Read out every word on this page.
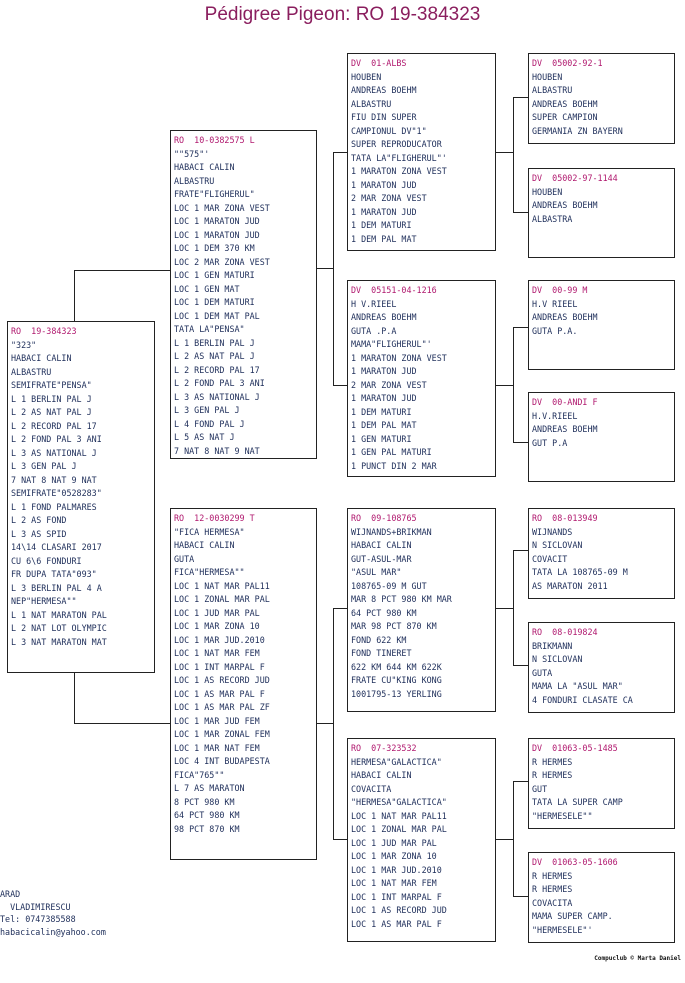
Pédigree Pigeon: RO 19-384323
RO  19-384323
"323"
HABACI CALIN
ALBASTRU
SEMIFRATE"PENSA"
L 1 BERLIN PAL J
L 2 AS NAT PAL J
L 2 RECORD PAL 17
L 2 FOND PAL 3 ANI
L 3 AS NATIONAL J
L 3 GEN PAL J
7 NAT 8 NAT 9 NAT
SEMIFRATE"0528283"
L 1 FOND PALMARES
L 2 AS FOND
L 3 AS SPID
14\14 CLASARI 2017
CU 6\6 FONDURI
FR DUPA TATA"093"
L 3 BERLIN PAL 4 A
NEP"HERMESA""
L 1 NAT MARATON PAL
L 2 NAT LOT OLYMPIC
L 3 NAT MARATON MAT
RO  10-0382575 L
""575"'
HABACI CALIN
ALBASTRU
FRATE"FLIGHERUL"
LOC 1 MAR ZONA VEST
LOC 1 MARATON JUD
LOC 1 MARATON JUD
LOC 1 DEM 370 KM
LOC 2 MAR ZONA VEST
LOC 1 GEN MATURI
LOC 1 GEN MAT
LOC 1 DEM MATURI
LOC 1 DEM MAT PAL
TATA LA"PENSA"
L 1 BERLIN PAL J
L 2 AS NAT PAL J
L 2 RECORD PAL 17
L 2 FOND PAL 3 ANI
L 3 AS NATIONAL J
L 3 GEN PAL J
L 4 FOND PAL J
L 5 AS NAT J
7 NAT 8 NAT 9 NAT
RO  12-0030299 T
"FICA HERMESA"
HABACI CALIN
GUTA
FICA"HERMESA""
LOC 1 NAT MAR PAL11
LOC 1 ZONAL MAR PAL
LOC 1 JUD MAR PAL
LOC 1 MAR ZONA 10
LOC 1 MAR JUD.2010
LOC 1 NAT MAR FEM
LOC 1 INT MARPAL F
LOC 1 AS RECORD JUD
LOC 1 AS MAR PAL F
LOC 1 AS MAR PAL ZF
LOC 1 MAR JUD FEM
LOC 1 MAR ZONAL FEM
LOC 1 MAR NAT FEM
LOC 4 INT BUDAPESTA
FICA"765""
L 7 AS MARATON
8 PCT 980 KM
64 PCT 980 KM
98 PCT 870 KM
DV  01-ALBS
HOUBEN
ANDREAS BOEHM
ALBASTRU
FIU DIN SUPER
CAMPIONUL DV"1"
SUPER REPRODUCATOR
TATA LA"FLIGHERUL"'
1 MARATON ZONA VEST
1 MARATON JUD
2 MAR ZONA VEST
1 MARATON JUD
1 DEM MATURI
1 DEM PAL MAT
DV  05151-04-1216
H V.RIEEL
ANDREAS BOEHM
GUTA .P.A
MAMA"FLIGHERUL"'
1 MARATON ZONA VEST
1 MARATON JUD
2 MAR ZONA VEST
1 MARATON JUD
1 DEM MATURI
1 DEM PAL MAT
1 GEN MATURI
1 GEN PAL MATURI
1 PUNCT DIN 2 MAR
RO  09-108765
WIJNANDS+BRIKMAN
HABACI CALIN
GUT-ASUL-MAR
"ASUL MAR"
108765-09 M GUT
MAR 8 PCT 980 KM MAR
64 PCT 980 KM
MAR 98 PCT 870 KM
FOND 622 KM
FOND TINERET
622 KM 644 KM 622K
FRATE CU"KING KONG
1001795-13 YERLING
RO  07-323532
HERMESA"GALACTICA"
HABACI CALIN
COVACITA
"HERMESA"GALACTICA"
LOC 1 NAT MAR PAL11
LOC 1 ZONAL MAR PAL
LOC 1 JUD MAR PAL
LOC 1 MAR ZONA 10
LOC 1 MAR JUD.2010
LOC 1 NAT MAR FEM
LOC 1 INT MARPAL F
LOC 1 AS RECORD JUD
LOC 1 AS MAR PAL F
DV  05002-92-1
HOUBEN
ALBASTRU
ANDREAS BOEHM
SUPER CAMPION
GERMANIA ZN BAYERN
DV  05002-97-1144
HOUBEN
ANDREAS BOEHM
ALBASTRA
DV  00-99 M
H.V RIEEL
ANDREAS BOEHM
GUTA P.A.
DV  00-ANDI F
H.V.RIEEL
ANDREAS BOEHM
GUT P.A
RO  08-013949
WIJNANDS
N SICLOVAN
COVACIT
TATA LA 108765-09 M
AS MARATON 2011
RO  08-019824
BRIKMANN
N SICLOVAN
GUTA
MAMA LA "ASUL MAR"
4 FONDURI CLASATE CA
DV  01063-05-1485
R HERMES
R HERMES
GUT
TATA LA SUPER CAMP
"HERMESELE""
DV  01063-05-1606
R HERMES
R HERMES
COVACITA
MAMA SUPER CAMP.
"HERMESELE"'
ARAD
VLADIMIRESCU
Tel: 0747385588
habacicalin@yahoo.com
Compuclub © Marta Daniel
